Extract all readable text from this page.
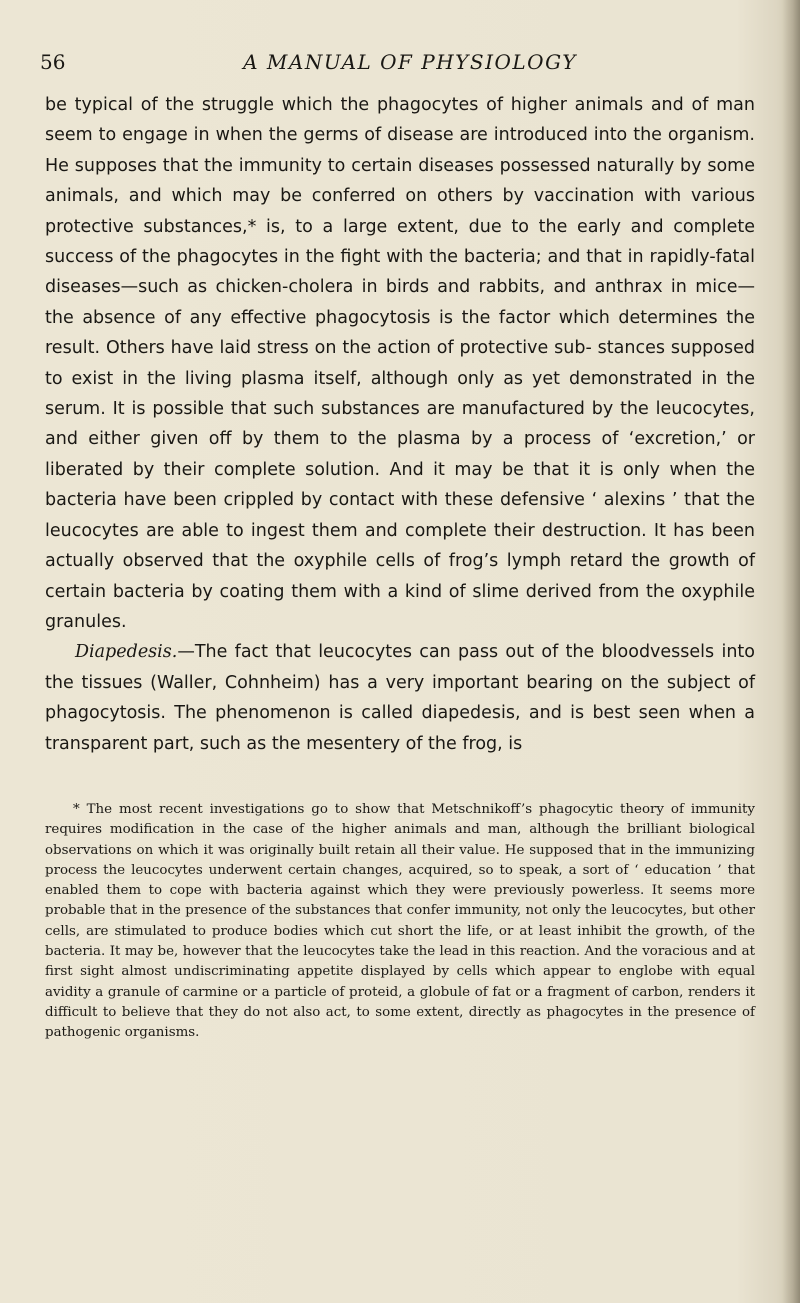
56	A MANUAL OF PHYSIOLOGY

be typical of the struggle which the phagocytes of higher animals and of man seem to engage in when the germs of disease are introduced into the organism. He supposes that the immunity to certain diseases possessed naturally by some animals, and which may be conferred on others by vaccination with various protective substances,* is, to a large extent, due to the early and complete success of the phagocytes in the fight with the bacteria; and that in rapidly-fatal diseases—such as chicken-cholera in birds and rabbits, and anthrax in mice—the absence of any effective phagocytosis is the factor which determines the result. Others have laid stress on the action of protective sub- stances supposed to exist in the living plasma itself, although only as yet demonstrated in the serum. It is possible that such substances are manufactured by the leucocytes, and either given off by them to the plasma by a process of ‘excretion,’ or liberated by their complete solution. And it may be that it is only when the bacteria have been crippled by contact with these defensive ‘ alexins ’ that the leucocytes are able to ingest them and complete their destruction. It has been actually observed that the oxyphile cells of frog’s lymph retard the growth of certain bacteria by coating them with a kind of slime derived from the oxyphile granules.

Diapedesis.—The fact that leucocytes can pass out of the bloodvessels into the tissues (Waller, Cohnheim) has a very important bearing on the subject of phagocytosis. The phenomenon is called diapedesis, and is best seen when a transparent part, such as the mesentery of the frog, is

* The most recent investigations go to show that Metschnikoff’s phagocytic theory of immunity requires modification in the case of the higher animals and man, although the brilliant biological observations on which it was originally built retain all their value. He supposed that in the immunizing process the leucocytes underwent certain changes, acquired, so to speak, a sort of ‘ education ’ that enabled them to cope with bacteria against which they were previously powerless. It seems more probable that in the presence of the substances that confer immunity, not only the leucocytes, but other cells, are stimulated to produce bodies which cut short the life, or at least inhibit the growth, of the bacteria. It may be, however that the leucocytes take the lead in this reaction. And the voracious and at first sight almost undiscriminating appetite displayed by cells which appear to englobe with equal avidity a granule of carmine or a particle of proteid, a globule of fat or a fragment of carbon, renders it difficult to believe that they do not also act, to some extent, directly as phagocytes in the presence of pathogenic organisms.
